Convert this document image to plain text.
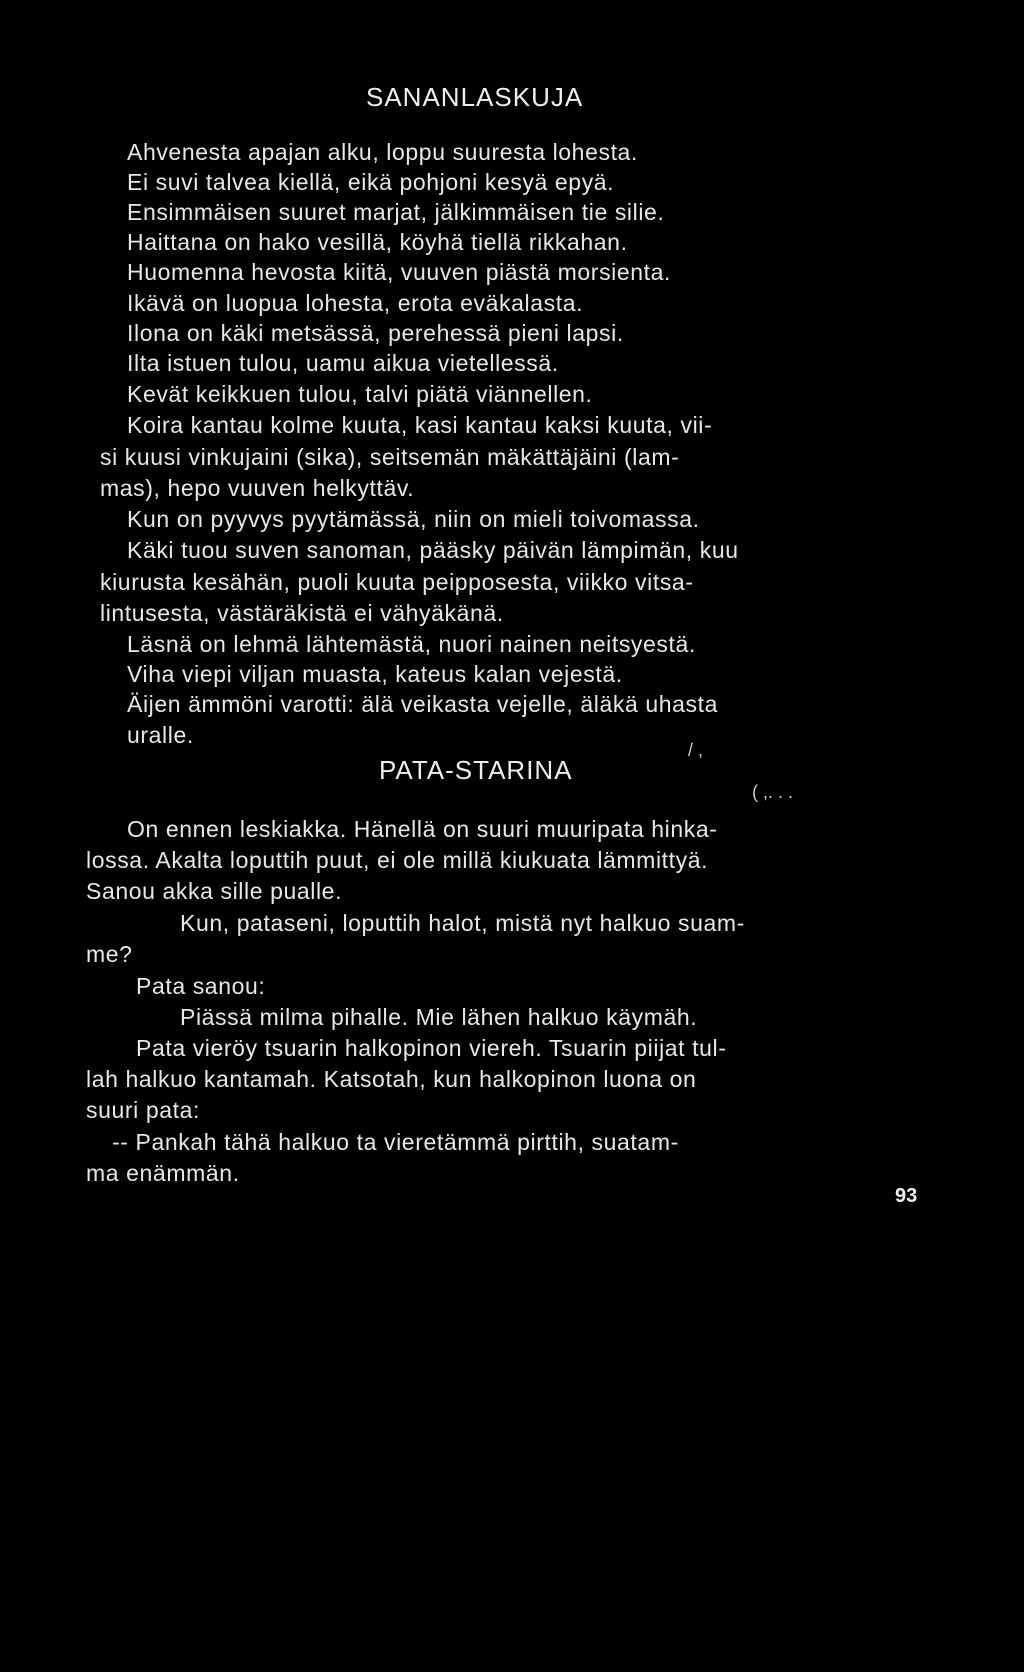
SANANLASKUJA
Ahvenesta apajan alku, loppu suuresta lohesta.
Ei suvi talvea kiellä, eikä pohjoni kesyä epyä.
Ensimmäisen suuret marjat, jälkimmäisen tie silie.
Haittana on hako vesillä, köyhä tiellä rikkahan.
Huomenna hevosta kiitä, vuuven piästä morsienta.
Ikävä on luopua lohesta, erota eväkalasta.
Ilona on käki metsässä, perehessä pieni lapsi.
Ilta istuen tulou, uamu aikua vietellessä.
Kevät keikkuen tulou, talvi piätä viännellen.
Koira kantau kolme kuuta, kasi kantau kaksi kuuta, vii-
si kuusi vinkujaini (sika), seitsemän mäkättäjäini (lam-
mas), hepo vuuven helkyttäv.
Kun on pyyvys pyytämässä, niin on mieli toivomassa.
Käki tuou suven sanoman, pääsky päivän lämpimän, kuu
kiurusta kesähän, puoli kuuta peipposesta, viikko vitsa-
lintusesta, västäräkistä ei vähyäkänä.
Läsnä on lehmä lähtemästä, nuori nainen neitsyestä.
Viha viepi viljan muasta, kateus kalan vejestä.
Äijen ämmöni varotti: älä veikasta vejelle, äläkä uhasta
uralle.
PATA-STARINA
/ ,
( ,. . .
On ennen leskiakka. Hänellä on suuri muuripata hinka-
lossa. Akalta loputtih puut, ei ole millä kiukuata lämmittyä.
Sanou akka sille pualle.
Kun, pataseni, loputtih halot, mistä nyt halkuo suam-
me?
Pata sanou:
Piässä milma pihalle. Mie lähen halkuo käymäh.
Pata vieröy tsuarin halkopinon viereh. Tsuarin piijat tul-
lah halkuo kantamah. Katsotah, kun halkopinon luona on
suuri pata:
-- Pankah tähä halkuo ta vieretämmä pirttih, suatam-
ma enämmän.
93
